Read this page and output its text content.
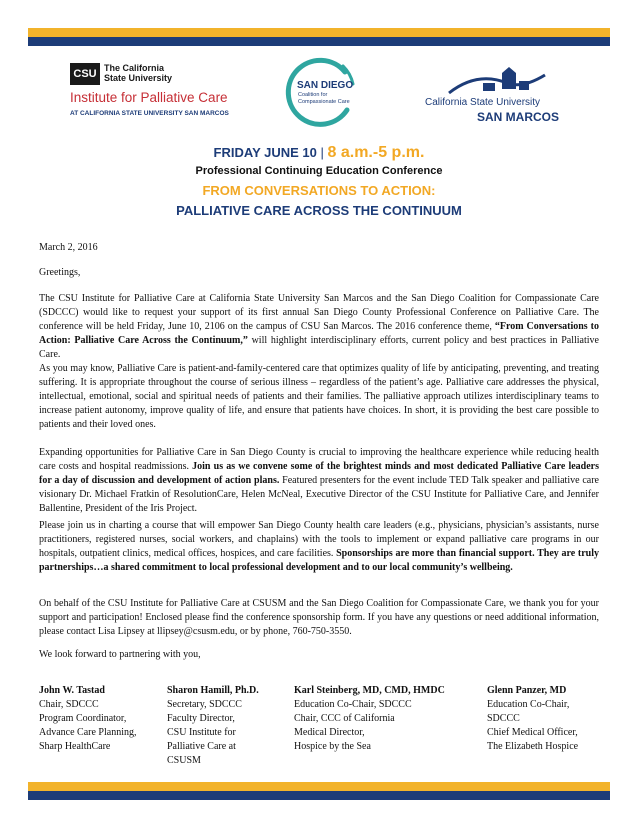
CSU The California
State University
Institute for Palliative Care
AT CALIFORNIA STATE UNIVERSITY SAN MARCOS
SAN DIEGO
Coalition for
Compassionate Care	California State University
SAN MARCOS
FRIDAY JUNE 10 | 8 a.m.-5 p.m.
Professional Continuing Education Conference
FROM CONVERSATIONS TO ACTION:
PALLIATIVE CARE ACROSS THE CONTINUUM

March 2, 2016

Greetings,

The CSU Institute for Palliative Care at California State University San Marcos and the San Diego Coalition for Compassionate Care (SDCCC) would like to request your support of its first annual San Diego County Professional Conference on Palliative Care. The conference will be held Friday, June 10, 2106 on the campus of CSU San Marcos. The 2016 conference theme, “From Conversations to Action: Palliative Care Across the Continuum,” will highlight interdisciplinary efforts, current policy and best practices in Palliative Care.

As you may know, Palliative Care is patient-and-family-centered care that optimizes quality of life by anticipating, preventing, and treating suffering. It is appropriate throughout the course of serious illness – regardless of the patient’s age. Palliative care addresses the physical, intellectual, emotional, social and spiritual needs of patients and their families. The palliative approach utilizes interdisciplinary teams to increase patient autonomy, improve quality of life, and ensure that patients have choices. In short, it is providing the best care possible to patients and their loved ones.

Expanding opportunities for Palliative Care in San Diego County is crucial to improving the healthcare experience while reducing health care costs and hospital readmissions. Join us as we convene some of the brightest minds and most dedicated Palliative Care leaders for a day of discussion and development of action plans. Featured presenters for the event include TED Talk speaker and palliative care visionary Dr. Michael Fratkin of ResolutionCare, Helen McNeal, Executive Director of the CSU Institute for Palliative Care, and Jennifer Ballentine, President of the Iris Project.

Please join us in charting a course that will empower San Diego County health care leaders (e.g., physicians, physician’s assistants, nurse practitioners, registered nurses, social workers, and chaplains) with the tools to implement or expand palliative care programs in our hospitals, outpatient clinics, medical offices, hospices, and care facilities. Sponsorships are more than financial support. They are truly partnerships…a shared commitment to local professional development and to our local community’s wellbeing.

On behalf of the CSU Institute for Palliative Care at CSUSM and the San Diego Coalition for Compassionate Care, we thank you for your support and participation! Enclosed please find the conference sponsorship form. If you have any questions or need additional information, please contact Lisa Lipsey at llipsey@csusm.edu, or by phone, 760-750-3550.

We look forward to partnering with you,

John W. Tastad
Chair, SDCCC
Program Coordinator,
Advance Care Planning,
Sharp HealthCare
Sharon Hamill, Ph.D.
Secretary, SDCCC
Faculty Director,
CSU Institute for
Palliative Care at
CSUSM
Karl Steinberg, MD, CMD, HMDC
Education Co-Chair, SDCCC
Chair, CCC of California
Medical Director,
Hospice by the Sea
Glenn Panzer, MD
Education Co-Chair,
SDCCC
Chief Medical Officer,
The Elizabeth Hospice
